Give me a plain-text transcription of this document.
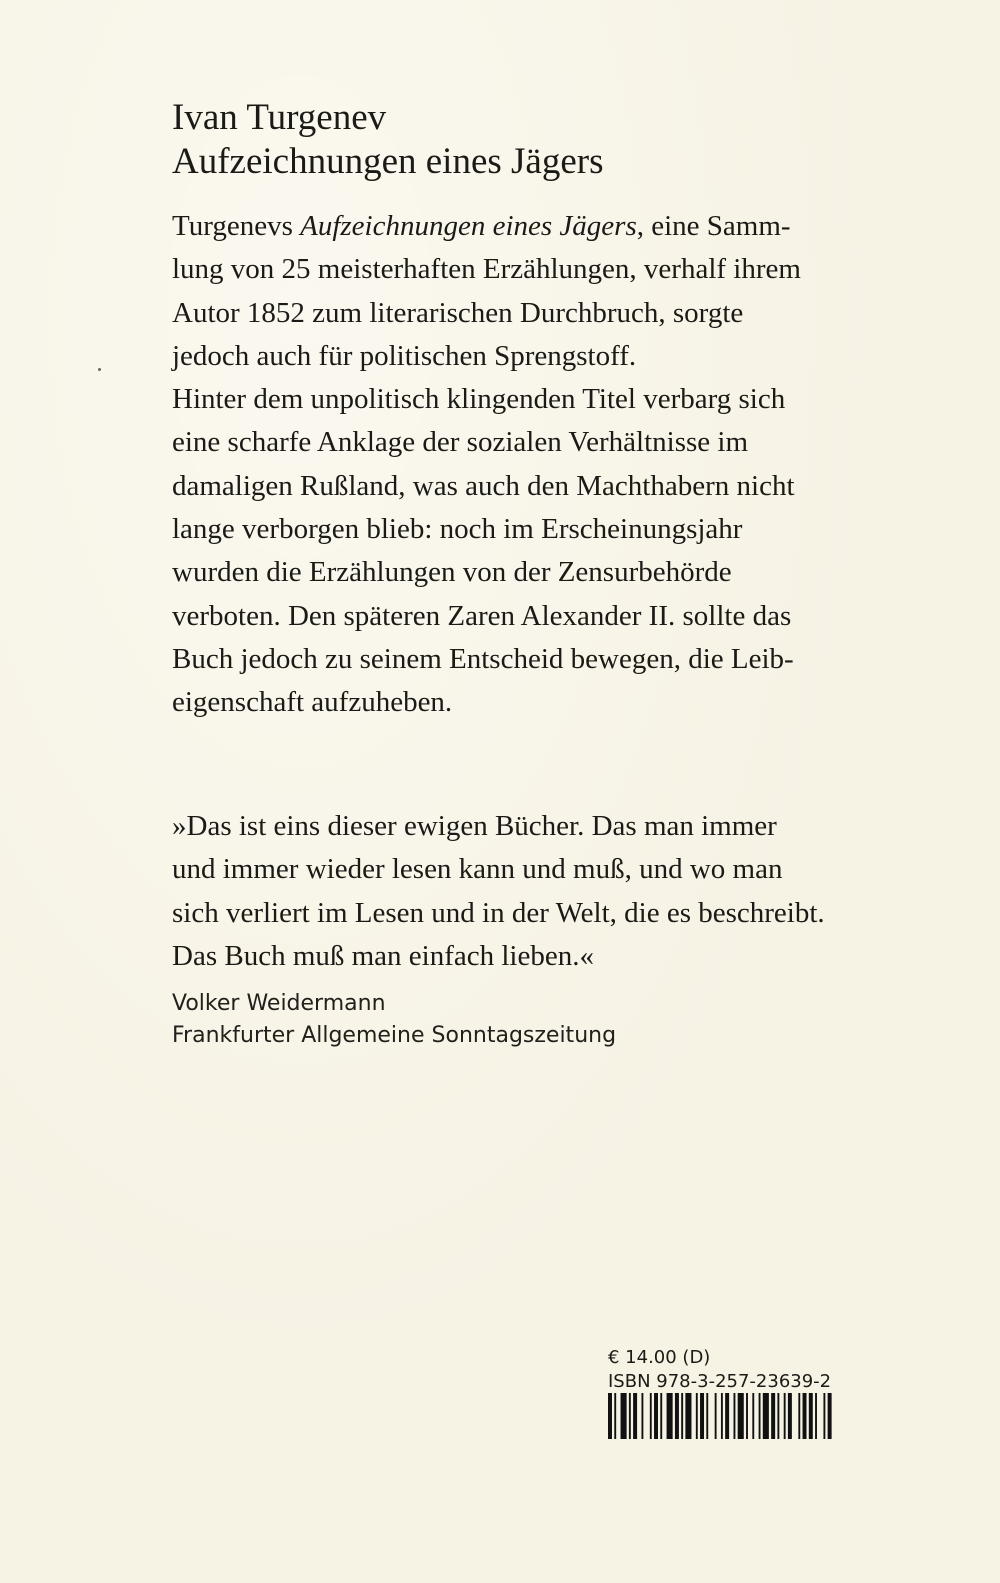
Ivan Turgenev
Aufzeichnungen eines Jägers
Turgenevs Aufzeichnungen eines Jägers, eine Samm-
lung von 25 meisterhaften Erzählungen, verhalf ihrem
Autor 1852 zum literarischen Durchbruch, sorgte
jedoch auch für politischen Sprengstoff.
Hinter dem unpolitisch klingenden Titel verbarg sich
eine scharfe Anklage der sozialen Verhältnisse im
damaligen Rußland, was auch den Machthabern nicht
lange verborgen blieb: noch im Erscheinungsjahr
wurden die Erzählungen von der Zensurbehörde
verboten. Den späteren Zaren Alexander II. sollte das
Buch jedoch zu seinem Entscheid bewegen, die Leib-
eigenschaft aufzuheben.
»Das ist eins dieser ewigen Bücher. Das man immer
und immer wieder lesen kann und muß, und wo man
sich verliert im Lesen und in der Welt, die es beschreibt.
Das Buch muß man einfach lieben.«
Volker Weidermann
Frankfurter Allgemeine Sonntagszeitung
€ 14.00 (D)
ISBN 978-3-257-23639-2
